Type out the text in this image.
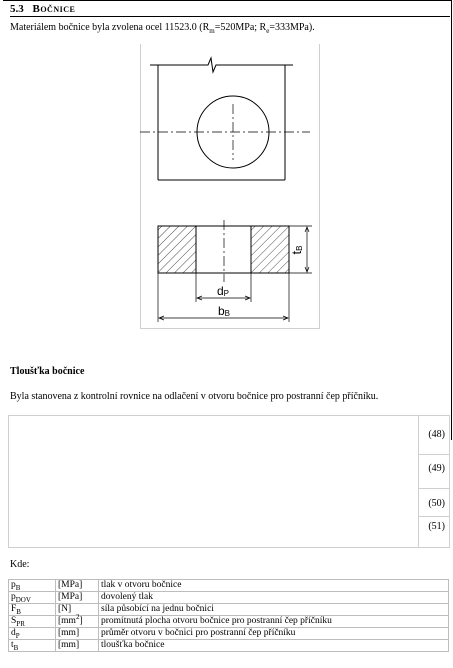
5.3 Bočnice
Materiálem bočnice byla zvolena ocel 11523.0 ($R_m=520MPa$; $R_e=333MPa$).
tB
dP
bB
Tloušťka bočnice
Byla stanovena z kontrolní rovnice na odlačení v otvoru bočnice pro postranní čep příčníku.
(48)
(49)
(50)
(51)
Kde:
$p_B$	[MPa]	tlak v otvoru bočnice
$p_{DOV}$	[MPa]	dovolený tlak
$F_B$	[N]	síla působící na jednu bočnici
$S_{PR}$	$[mm^2]$	promítnutá plocha otvoru bočnice pro postranní čep příčníku
$d_P$	[mm]	průměr otvoru v bočnici pro postranní čep příčníku
$t_B$	[mm]	tloušťka bočnice
